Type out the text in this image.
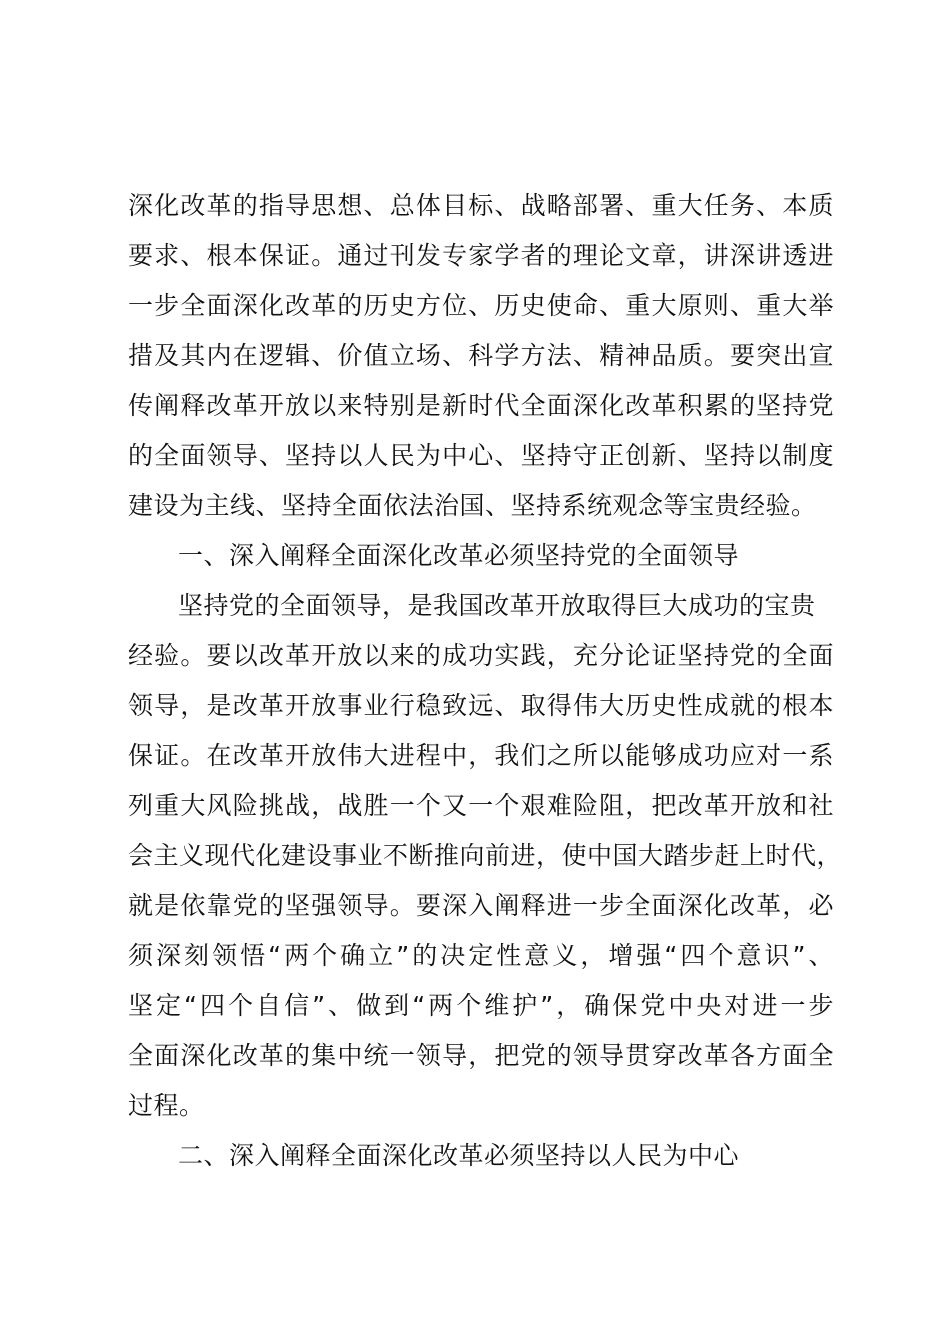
深化改革的指导思想、总体目标、战略部署、重大任务、本质
要求、根本保证。通过刊发专家学者的理论文章，讲深讲透进
一步全面深化改革的历史方位、历史使命、重大原则、重大举
措及其内在逻辑、价值立场、科学方法、精神品质。要突出宣
传阐释改革开放以来特别是新时代全面深化改革积累的坚持党
的全面领导、坚持以人民为中心、坚持守正创新、坚持以制度
建设为主线、坚持全面依法治国、坚持系统观念等宝贵经验。
一、深入阐释全面深化改革必须坚持党的全面领导
坚持党的全面领导，是我国改革开放取得巨大成功的宝贵
经验。要以改革开放以来的成功实践，充分论证坚持党的全面
领导，是改革开放事业行稳致远、取得伟大历史性成就的根本
保证。在改革开放伟大进程中，我们之所以能够成功应对一系
列重大风险挑战，战胜一个又一个艰难险阻，把改革开放和社
会主义现代化建设事业不断推向前进，使中国大踏步赶上时代，
就是依靠党的坚强领导。要深入阐释进一步全面深化改革，必
须深刻领悟“两个确立”的决定性意义，增强“四个意识”、
坚定“四个自信”、做到“两个维护”，确保党中央对进一步
全面深化改革的集中统一领导，把党的领导贯穿改革各方面全
过程。
二、深入阐释全面深化改革必须坚持以人民为中心
